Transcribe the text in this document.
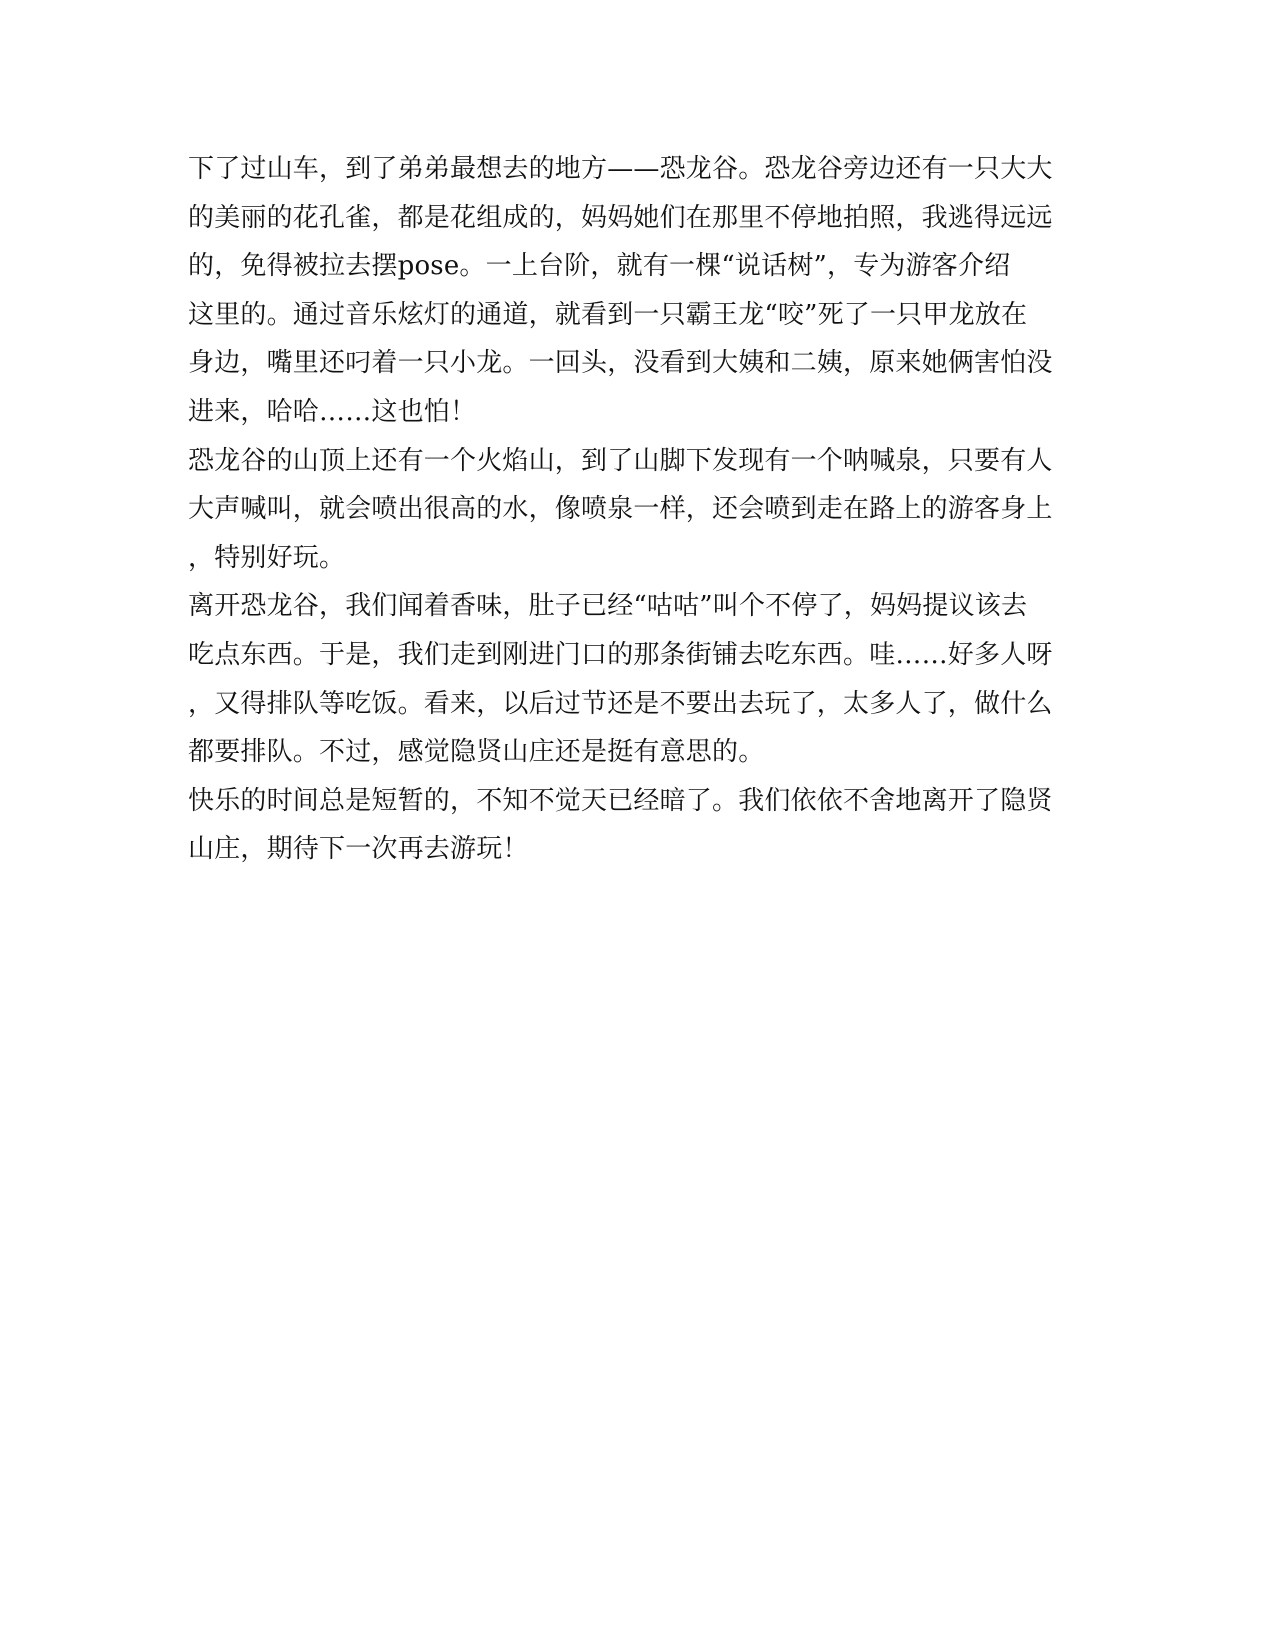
下了过山车，到了弟弟最想去的地方——恐龙谷。恐龙谷旁边还有一只大大
的美丽的花孔雀，都是花组成的，妈妈她们在那里不停地拍照，我逃得远远
的，免得被拉去摆pose。一上台阶，就有一棵“说话树”，专为游客介绍
这里的。通过音乐炫灯的通道，就看到一只霸王龙“咬”死了一只甲龙放在
身边，嘴里还叼着一只小龙。一回头，没看到大姨和二姨，原来她俩害怕没
进来，哈哈……这也怕！
恐龙谷的山顶上还有一个火焰山，到了山脚下发现有一个呐喊泉，只要有人
大声喊叫，就会喷出很高的水，像喷泉一样，还会喷到走在路上的游客身上
，特别好玩。
离开恐龙谷，我们闻着香味，肚子已经“咕咕”叫个不停了，妈妈提议该去
吃点东西。于是，我们走到刚进门口的那条街铺去吃东西。哇……好多人呀
，又得排队等吃饭。看来，以后过节还是不要出去玩了，太多人了，做什么
都要排队。不过，感觉隐贤山庄还是挺有意思的。
快乐的时间总是短暂的，不知不觉天已经暗了。我们依依不舍地离开了隐贤
山庄，期待下一次再去游玩！
